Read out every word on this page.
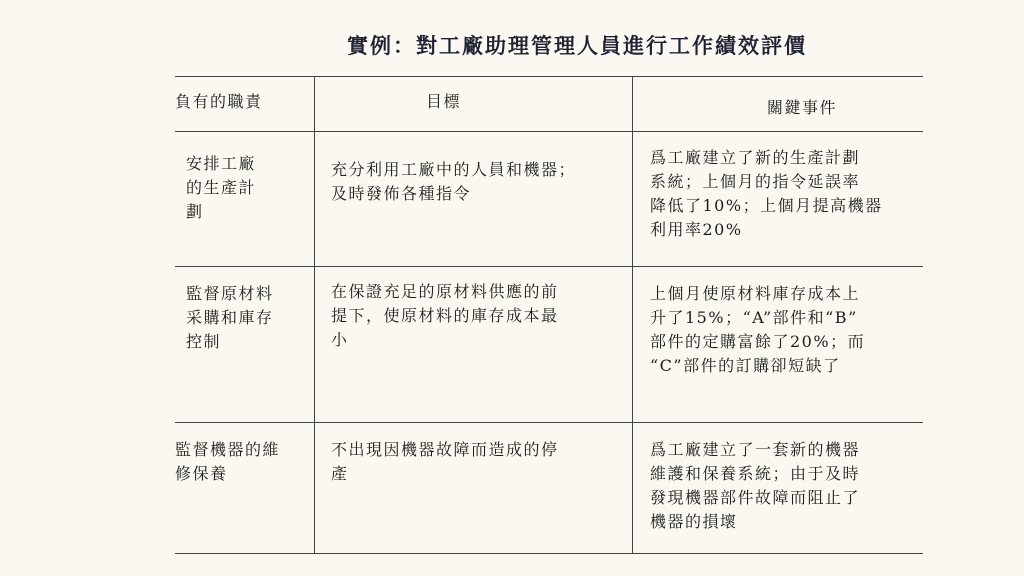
實例：對工廠助理管理人員進行工作績效評價
負有的職責	目標	關鍵事件
安排工廠
的生產計
劃
充分利用工廠中的人員和機器；
及時發佈各種指令
爲工廠建立了新的生產計劃
系統；上個月的指令延誤率
降低了10%；上個月提高機器
利用率20%
監督原材料
采購和庫存
控制
在保證充足的原材料供應的前
提下，使原材料的庫存成本最
小
上個月使原材料庫存成本上
升了15%；“A”部件和“B”
部件的定購富餘了20%；而
“C”部件的訂購卻短缺了
監督機器的維
修保養
不出現因機器故障而造成的停
產
爲工廠建立了一套新的機器
維護和保養系統；由于及時
發現機器部件故障而阻止了
機器的損壞
